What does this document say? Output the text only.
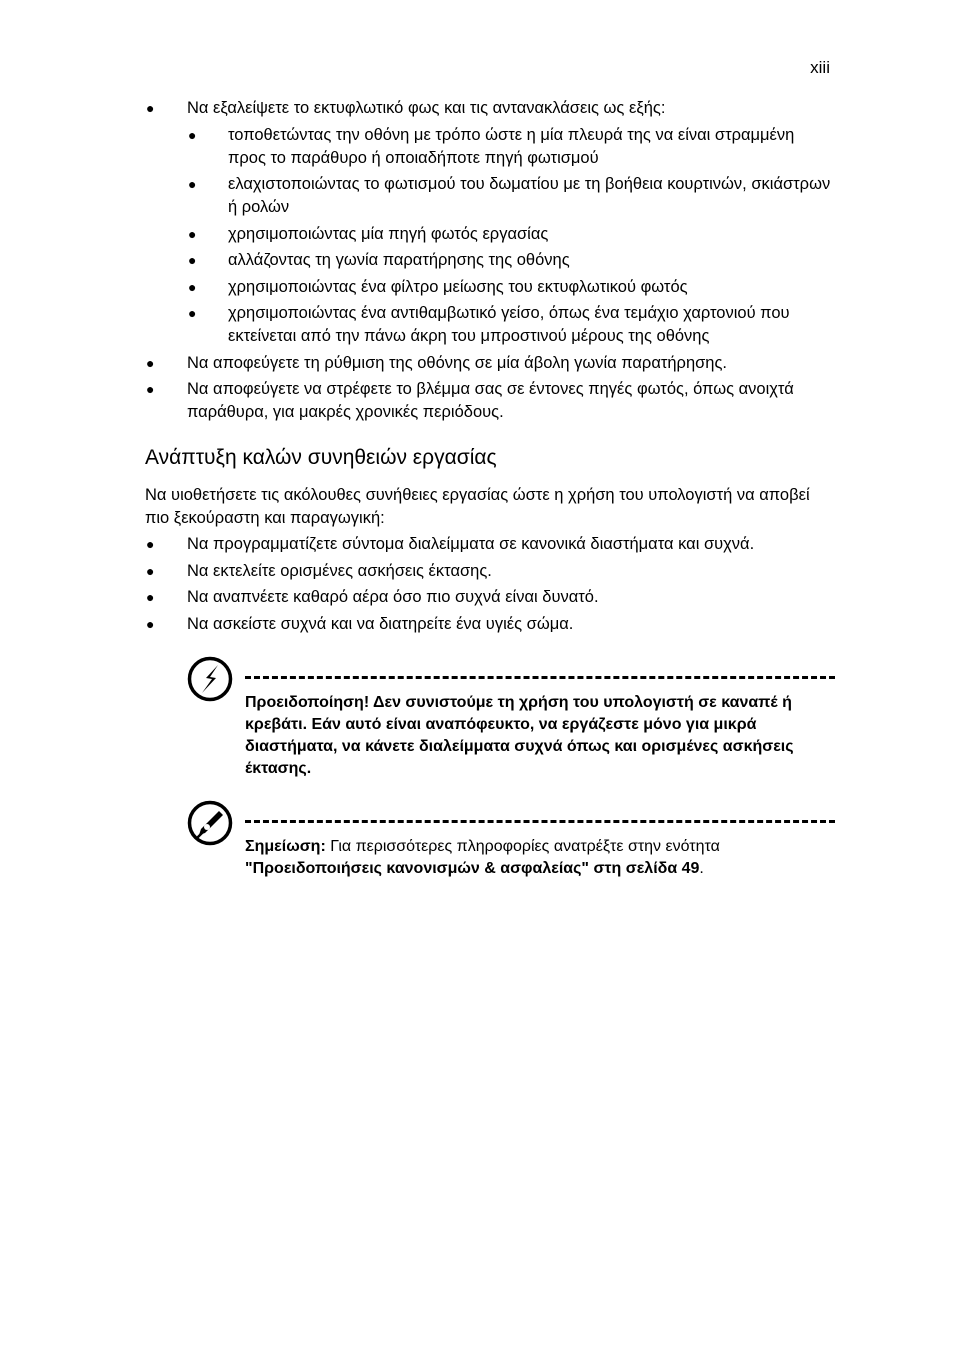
xiii
● Να εξαλείψετε το εκτυφλωτικό φως και τις αντανακλάσεις ως εξής:
● τοποθετώντας την οθόνη με τρόπο ώστε η μία πλευρά της να είναι στραμμένη προς το παράθυρο ή οποιαδήποτε πηγή φωτισμού
● ελαχιστοποιώντας το φωτισμού του δωματίου με τη βοήθεια κουρτινών, σκιάστρων ή ρολών
● χρησιμοποιώντας μία πηγή φωτός εργασίας
● αλλάζοντας τη γωνία παρατήρησης της οθόνης
● χρησιμοποιώντας ένα φίλτρο μείωσης του εκτυφλωτικού φωτός
● χρησιμοποιώντας ένα αντιθαμβωτικό γείσο, όπως ένα τεμάχιο χαρτονιού που εκτείνεται από την πάνω άκρη του μπροστινού μέρους της οθόνης
● Να αποφεύγετε τη ρύθμιση της οθόνης σε μία άβολη γωνία παρατήρησης.
● Να αποφεύγετε να στρέφετε το βλέμμα σας σε έντονες πηγές φωτός, όπως ανοιχτά παράθυρα, για μακρές χρονικές περιόδους.
Ανάπτυξη καλών συνηθειών εργασίας

Να υιοθετήσετε τις ακόλουθες συνήθειες εργασίας ώστε η χρήση του υπολογιστή να αποβεί πιο ξεκούραστη και παραγωγική:

● Να προγραμματίζετε σύντομα διαλείμματα σε κανονικά διαστήματα και συχνά.
● Να εκτελείτε ορισμένες ασκήσεις έκτασης.
● Να αναπνέετε καθαρό αέρα όσο πιο συχνά είναι δυνατό.
● Να ασκείστε συχνά και να διατηρείτε ένα υγιές σώμα.
Προειδοποίηση! Δεν συνιστούμε τη χρήση του υπολογιστή σε καναπέ ή κρεβάτι. Εάν αυτό είναι αναπόφευκτο, να εργάζεστε μόνο για μικρά διαστήματα, να κάνετε διαλείμματα συχνά όπως και ορισμένες ασκήσεις έκτασης.
Σημείωση: Για περισσότερες πληροφορίες ανατρέξτε στην ενότητα "Προειδοποιήσεις κανονισμών & ασφαλείας" στη σελίδα 49.
